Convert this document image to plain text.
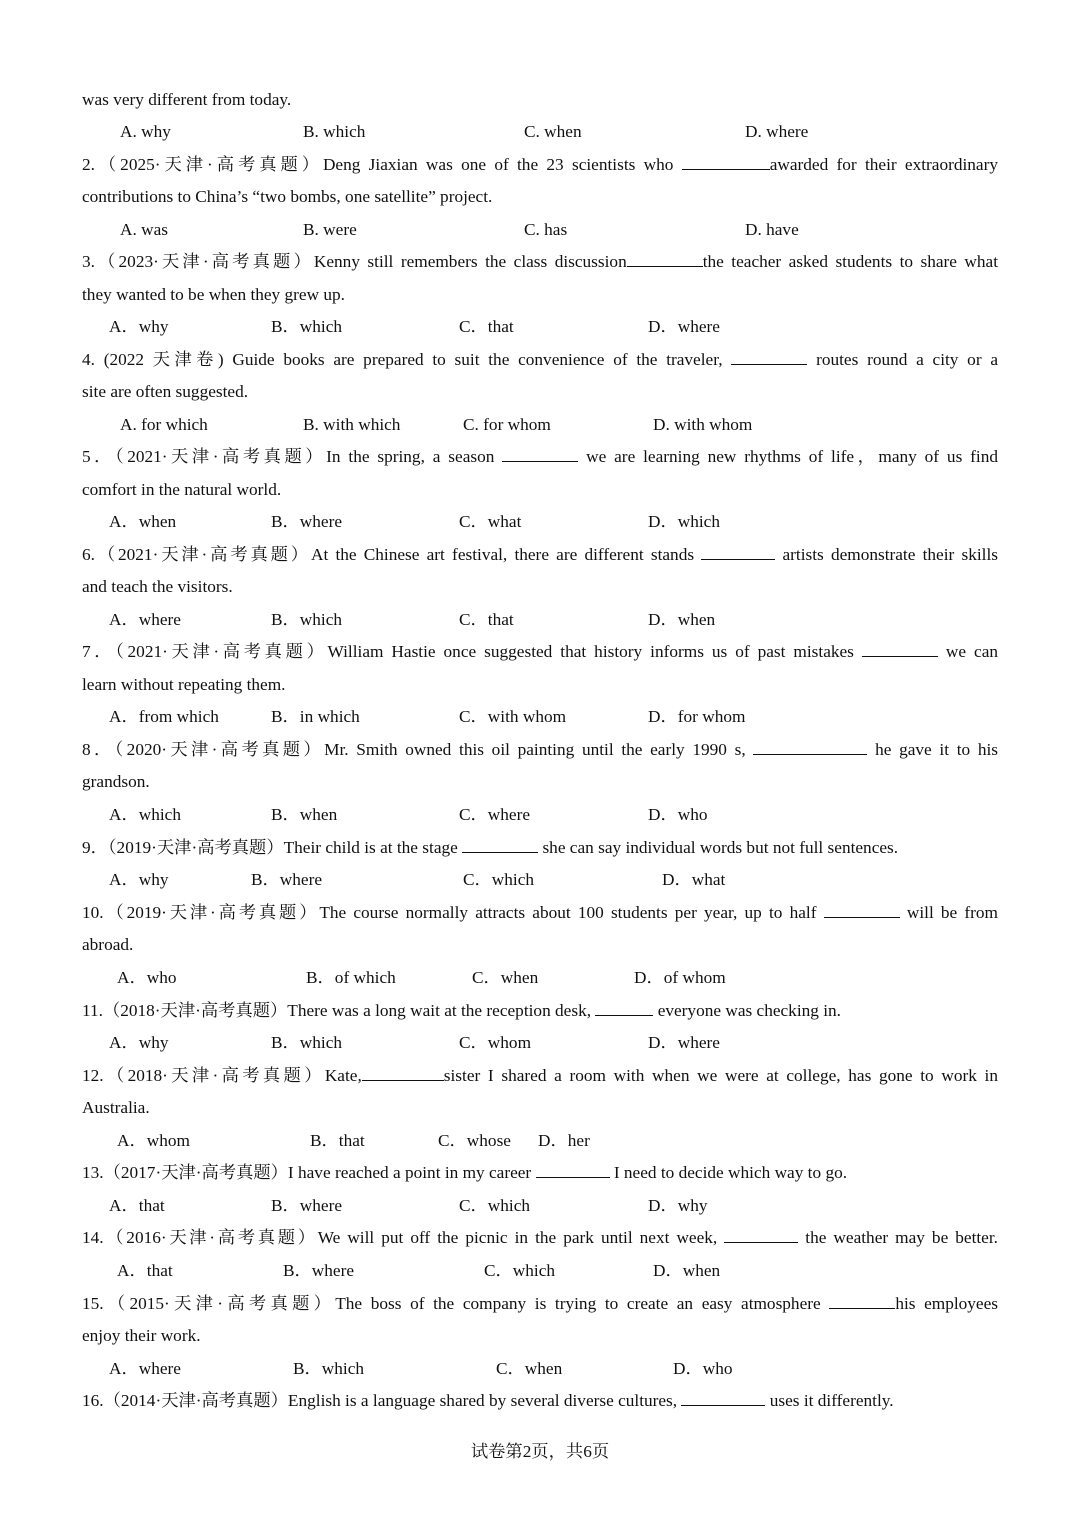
was very different from today.
A. why	B. which	C. when	D. where
2.（2025·天津·高考真题）Deng Jiaxian was one of the 23 scientists who	awarded for their extraordinary
contributions to China’s “two bombs, one satellite” project.
A. was	B. were	C. has	D. have
3.（2023·天津·高考真题）Kenny still remembers the class discussion	the teacher asked students to share what
they wanted to be when they grew up.
A．why	B．which	C．that	D．where
4. (2022 天津卷) Guide books are prepared to suit the convenience of the traveler,	routes round a city or a
site are often suggested.
A. for which	B. with which	C. for whom	D. with whom
5．（2021·天津·高考真题）In the spring, a season	we are learning new rhythms of life，many of us find
comfort in the natural world.
A．when	B．where	C．what	D．which
6.（2021·天津·高考真题）At the Chinese art festival, there are different stands	artists demonstrate their skills
and teach the visitors.
A．where	B．which	C．that	D．when
7．（2021·天津·高考真题）William Hastie once suggested that history informs us of past mistakes	we can
learn without repeating them.
A．from which	B．in which	C．with whom	D．for whom
8．（2020·天津·高考真题）Mr. Smith owned this oil painting until the early 1990 s,	he gave it to his
grandson.
A．which	B．when	C．where	D．who
9．（2019·天津·高考真题）Their child is at the stage	she can say individual words but not full sentences.
A．why	B．where	C．which	D．what
10.（2019·天津·高考真题）The course normally attracts about 100 students per year, up to half	will be from
abroad.
A．who	B．of which	C．when	D．of whom
11.（2018·天津·高考真题）There was a long wait at the reception desk,	everyone was checking in.
A．why	B．which	C．whom	D．where
12.（2018·天津·高考真题）Kate,	sister I shared a room with when we were at college, has gone to work in
Australia.
A．whom	B．that	C．whose D．her
13.（2017·天津·高考真题）I have reached a point in my career	I need to decide which way to go.
A．that	B．where	C．which	D．why
14.（2016·天津·高考真题）We will put off the picnic in the park until next week,	the weather may be better.
A．that	B．where	C．which	D．when
15.（2015·天津·高考真题）The boss of the company is trying to create an easy atmosphere	his employees
enjoy their work.
A．where	B．which	C．when	D．who
16.（2014·天津·高考真题）English is a language shared by several diverse cultures,	uses it differently.
试卷第2页，共6页
